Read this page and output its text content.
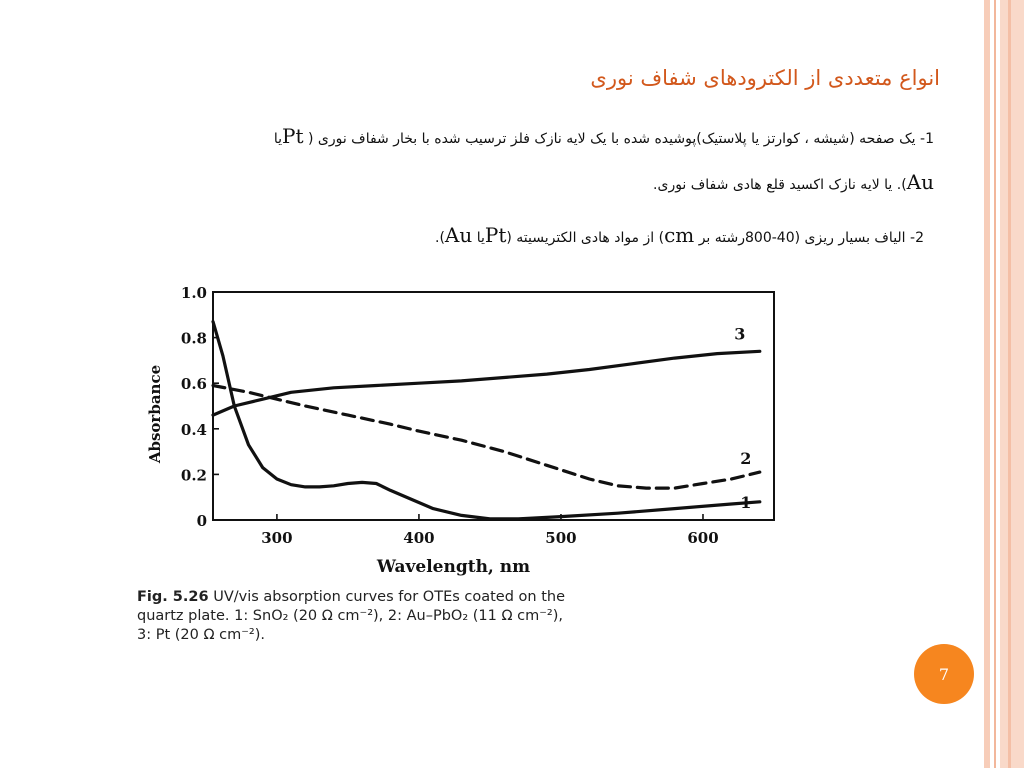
انواع متعددی از الکترودهای شفاف نوری
1- یک صفحه (شیشه ، کوارتز یا پلاستیک)پوشیده شده با یک لایه نازک فلز ترسیب شده با بخار شفاف نوری ( Ptیا
Au). یا لایه نازک اکسید قلع هادی شفاف نوری.
2- الیاف بسیار ریزی (40-800رشته بر cm) از مواد هادی الکتریسیته (Ptیا Au).
0
0.2
0.4
0.6
0.8
1.0
300	400	500	600
Wavelength, nm
Absorbance
1
2
3
Fig. 5.26 UV/vis absorption curves for OTEs coated on the
quartz plate. 1: SnO₂ (20 Ω cm⁻²), 2: Au–PbO₂ (11 Ω cm⁻²),
3: Pt (20 Ω cm⁻²).
7
